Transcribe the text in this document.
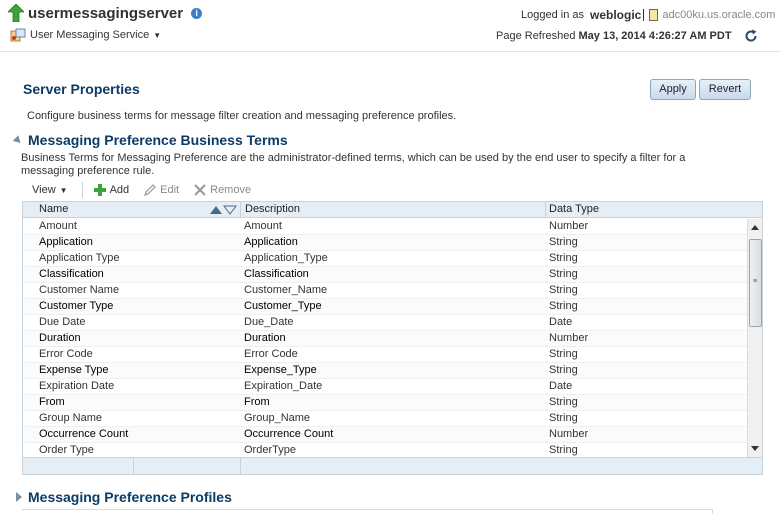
usermessagingserver	i
User Messaging Service ▼
Logged in as weblogic adc00ku.us.oracle.com
Page Refreshed May 13, 2014 4:26:27 AM PDT
Server Properties
Configure business terms for message filter creation and messaging preference profiles.
Apply	Revert
Messaging Preference Business Terms
Business Terms for Messaging Preference are the administrator-defined terms, which can be used by the end user to specify a filter for a messaging preference rule.
View ▼	Add	Edit	Remove
Name	Description	Data Type
Amount	Amount	Number
Application	Application	String
Application Type	Application_Type	String
Classification	Classification	String
Customer Name	Customer_Name	String
Customer Type	Customer_Type	String
Due Date	Due_Date	Date
Duration	Duration	Number
Error Code	Error Code	String
Expense Type	Expense_Type	String
Expiration Date	Expiration_Date	Date
From	From	String
Group Name	Group_Name	String
Occurrence Count	Occurrence Count	Number
Order Type	OrderType	String
≡
Messaging Preference Profiles
